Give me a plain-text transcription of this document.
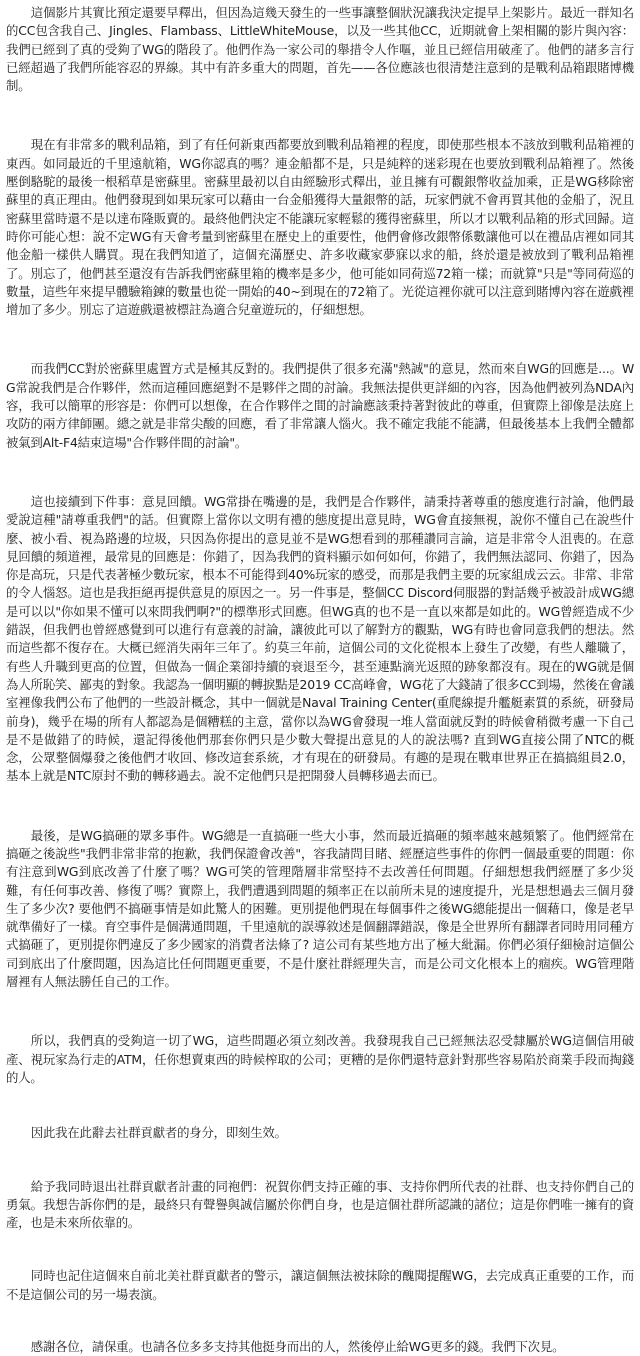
這個影片其實比預定還要早釋出，但因為這幾天發生的一些事讓整個狀況讓我決定提早上架影片。最近一群知名的CC包含我自己、Jingles、Flambass、LittleWhiteMouse，以及一些其他CC，近期就會上架相關的影片與內容：我們已經到了真的受夠了WG的階段了。他們作為一家公司的舉措令人作嘔，並且已經信用破產了。他們的諸多言行已經超過了我們所能容忍的界線。其中有許多重大的問題，首先——各位應該也很清楚注意到的是戰利品箱跟賭博機制。

現在有非常多的戰利品箱，到了有任何新東西都要放到戰利品箱裡的程度，即使那些根本不該放到戰利品箱裡的東西。如同最近的千里遠航箱，WG你認真的嗎？連金船都不是，只是純粹的迷彩現在也要放到戰利品箱裡了。然後壓倒駱駝的最後一根稻草是密蘇里。密蘇里最初以自由經驗形式釋出，並且擁有可觀銀幣收益加乘，正是WG移除密蘇里的真正理由。他們發現到如果玩家可以藉由一台金船獲得大量銀幣的話，玩家們就不會再買其他的金船了，況且密蘇里當時還不是以達布隆販賣的。最終他們決定不能讓玩家輕鬆的獲得密蘇里，所以才以戰利品箱的形式回歸。這時你可能心想：說不定WG有天會考量到密蘇里在歷史上的重要性，他們會修改銀幣係數讓他可以在禮品店裡如同其他金船一樣供人購買。現在我們知道了，這個充滿歷史、許多收藏家夢寐以求的船，終於還是被放到了戰利品箱裡了。別忘了，他們甚至還沒有告訴我們密蘇里箱的機率是多少，他可能如同荷巡72箱一樣；而就算"只是"等同荷巡的數量，這些年來提早體驗箱鍊的數量也從一開始的40~到現在的72箱了。光從這裡你就可以注意到賭博內容在遊戲裡增加了多少。別忘了這遊戲還被標註為適合兒童遊玩的，仔細想想。

而我們CC對於密蘇里處置方式是極其反對的。我們提供了很多充滿"熱誠"的意見，然而來自WG的回應是...。WG常說我們是合作夥伴，然而這種回應絕對不是夥伴之間的討論。我無法提供更詳細的內容，因為他們被列為NDA內容，我可以簡單的形容是：你們可以想像，在合作夥伴之間的討論應該秉持著對彼此的尊重，但實際上卻像是法庭上攻防的兩方律師團。總之就是非常尖酸的回應，看了非常讓人惱火。我不確定我能不能講，但最後基本上我們全體都被氣到Alt-F4結束這場"合作夥伴間的討論"。

這也接續到下件事：意見回饋。WG常掛在嘴邊的是，我們是合作夥伴，請秉持著尊重的態度進行討論，他們最愛說這種"請尊重我們"的話。但實際上當你以文明有禮的態度提出意見時，WG會直接無視，說你不懂自己在說些什麼、被小看、視為路邊的垃圾，只因為你提出的意見並不是WG想看到的那種讚同言論，這是非常令人沮喪的。在意見回饋的頻道裡，最常見的回應是：你錯了，因為我們的資料顯示如何如何，你錯了，我們無法認同、你錯了，因為你是高玩，只是代表著極少數玩家，根本不可能得到40%玩家的感受，而那是我們主要的玩家組成云云。非常、非常的令人惱怒。這也是我拒絕再提供意見的原因之一。另一件事是，整個CC Discord伺服器的對話幾乎被設計成WG總是可以以"你如果不懂可以來問我們啊?"的標準形式回應。但WG真的也不是一直以來都是如此的。WG曾經造成不少錯誤，但我們也曾經感覺到可以進行有意義的討論，讓彼此可以了解對方的觀點，WG有時也會同意我們的想法。然而這些都不復存在。大概已經消失兩年三年了。約莫三年前，這個公司的文化從根本上發生了改變，有些人離職了，有些人升職到更高的位置，但做為一個企業卻持續的衰退至今，甚至連點滴光返照的跡象都沒有。現在的WG就是個為人所恥笑、鄙夷的對象。我認為一個明顯的轉捩點是2019 CC高峰會，WG花了大錢請了很多CC到場，然後在會議室裡像我們公布了他們的一些設計概念，其中一個就是Naval Training Center(重爬線提升艦艇素質的系統，研發局前身)，幾乎在場的所有人都認為是個糟糕的主意，當你以為WG會發現一堆人當面就反對的時候會稍微考慮一下自己是不是做錯了的時候，還記得後他們那套你們只是少數大聲提出意見的人的說法嗎? 直到WG直接公開了NTC的概念，公眾整個爆發之後他們才收回、修改這套系統，才有現在的研發局。有趣的是現在戰車世界正在搞搞組員2.0，基本上就是NTC原封不動的轉移過去。說不定他們只是把開發人員轉移過去而已。

最後，是WG搞砸的眾多事件。WG總是一直搞砸一些大小事，然而最近搞砸的頻率越來越頻繁了。他們經常在搞砸之後說些"我們非常非常的抱歉，我們保證會改善"，容我請問目睹、經歷這些事件的你們一個最重要的問題：你有注意到WG到底改善了什麼了嗎？WG可笑的管理階層非常堅持不去改善任何問題。仔細想想我們經歷了多少災難，有任何事改善、修復了嗎？實際上，我們遭遇到問題的頻率正在以前所未見的速度提升，光是想想過去三個月發生了多少次? 要他們不搞砸事情是如此驚人的困難。更別提他們現在每個事件之後WG總能提出一個藉口，像是老早就準備好了一樣。育空事件是個溝通問題，千里遠航的誤導敘述是個翻譯錯誤，像是全世界所有翻譯者同時用同種方式搞砸了，更別提你們違反了多少國家的消費者法條了? 這公司有某些地方出了極大紕漏。你們必須仔細檢討這個公司到底出了什麼問題，因為這比任何問題更重要，不是什麼社群經理失言，而是公司文化根本上的痼疾。WG管理階層裡有人無法勝任自己的工作。

所以，我們真的受夠這一切了WG，這些問題必須立刻改善。我發現我自己已經無法忍受隸屬於WG這個信用破產、視玩家為行走的ATM，任你想賣東西的時候榨取的公司；更糟的是你們還特意針對那些容易陷於商業手段而掏錢的人。

因此我在此辭去社群貢獻者的身分，即刻生效。

給予我同時退出社群貢獻者計畫的同袍們：祝賀你們支持正確的事、支持你們所代表的社群、也支持你們自己的勇氣。我想告訴你們的是，最終只有聲譽與誠信屬於你們自身，也是這個社群所認識的諸位；這是你們唯一擁有的資產，也是未來所依靠的。

同時也記住這個來自前北美社群貢獻者的警示，讓這個無法被抹除的醜聞提醒WG，去完成真正重要的工作，而不是這個公司的另一場表演。

感謝各位，請保重。也請各位多多支持其他挺身而出的人，然後停止給WG更多的錢。我們下次見。
